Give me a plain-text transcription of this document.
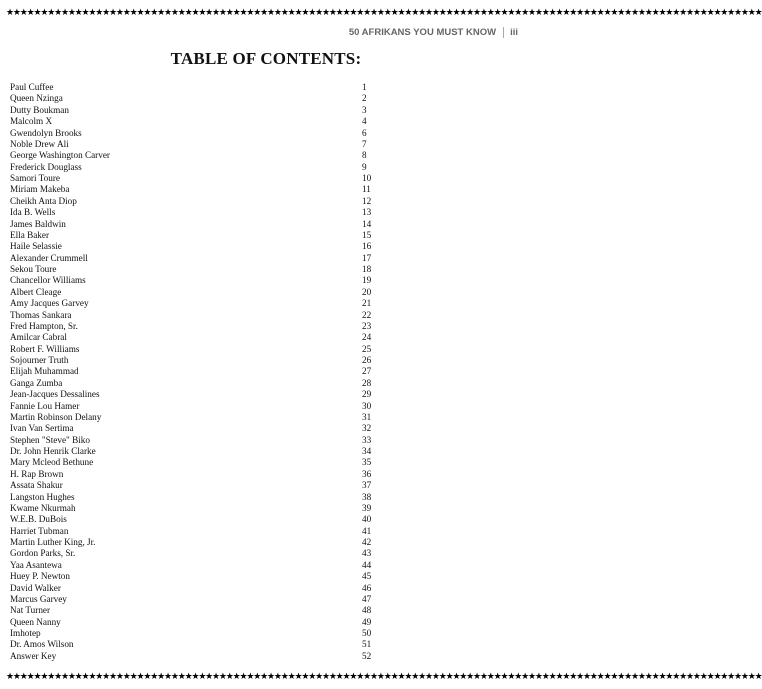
★★★★★★★★★★★★★★★★★★★★★★★★★★★★★★★★★★★★★★★★★★★★★★★★★★★★★★★★★★★★★★★★★★★★★★★★★★★★★★★★★★★★★★★★★★★★★★★★★★★★★★★★★★★★★★
50 AFRIKANS YOU MUST KNOW iii
TABLE OF CONTENTS:
Paul Cuffee	1
Queen Nzinga	2
Dutty Boukman	3
Malcolm X	4
Gwendolyn Brooks	6
Noble Drew Ali	7
George Washington Carver	8
Frederick Douglass	9
Samori Toure	10
Miriam Makeba	11
Cheikh Anta Diop	12
Ida B. Wells	13
James Baldwin	14
Ella Baker	15
Haile Selassie	16
Alexander Crummell	17
Sekou Toure	18
Chancellor Williams	19
Albert Cleage	20
Amy Jacques Garvey	21
Thomas Sankara	22
Fred Hampton, Sr.	23
Amilcar Cabral	24
Robert F. Williams	25
Sojourner Truth	26
Elijah Muhammad	27
Ganga Zumba	28
Jean-Jacques Dessalines	29
Fannie Lou Hamer	30
Martin Robinson Delany	31
Ivan Van Sertima	32
Stephen "Steve" Biko	33
Dr. John Henrik Clarke	34
Mary Mcleod Bethune	35
H. Rap Brown	36
Assata Shakur	37
Langston Hughes	38
Kwame Nkurmah	39
W.E.B. DuBois	40
Harriet Tubman	41
Martin Luther King, Jr.	42
Gordon Parks, Sr.	43
Yaa Asantewa	44
Huey P. Newton	45
David Walker	46
Marcus Garvey	47
Nat Turner	48
Queen Nanny	49
Imhotep	50
Dr. Amos Wilson	51
Answer Key	52
★★★★★★★★★★★★★★★★★★★★★★★★★★★★★★★★★★★★★★★★★★★★★★★★★★★★★★★★★★★★★★★★★★★★★★★★★★★★★★★★★★★★★★★★★★★★★★★★★★★★★★★★★★★★★★
